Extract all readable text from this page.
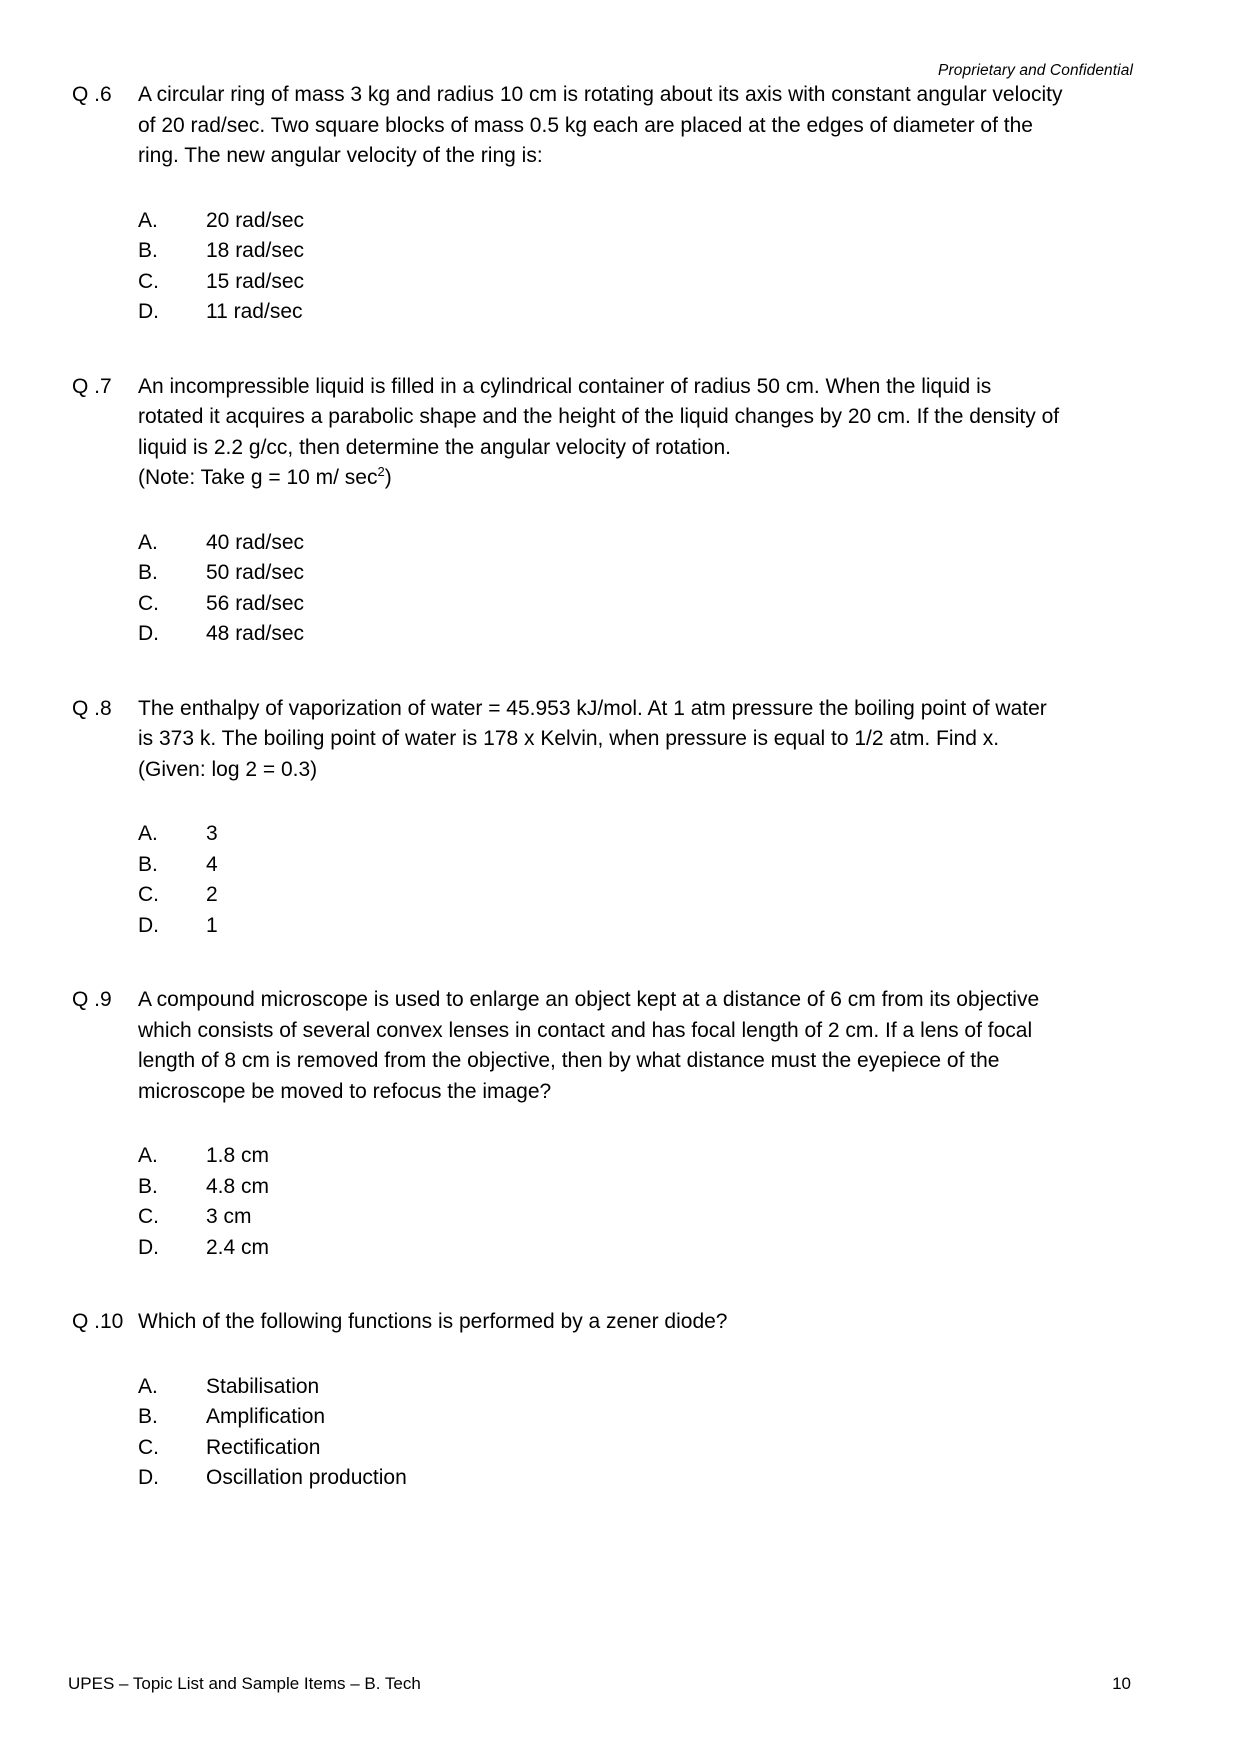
Proprietary and Confidential
Q .6	A circular ring of mass 3 kg and radius 10 cm is rotating about its axis with constant angular velocity
of 20 rad/sec. Two square blocks of mass 0.5 kg each are placed at the edges of diameter of the
ring. The new angular velocity of the ring is:
A.	20 rad/sec
B.	18 rad/sec
C.	15 rad/sec
D.	11 rad/sec
Q .7	An incompressible liquid is filled in a cylindrical container of radius 50 cm. When the liquid is
rotated it acquires a parabolic shape and the height of the liquid changes by 20 cm. If the density of
liquid is 2.2 g/cc, then determine the angular velocity of rotation.
(Note: Take g = 10 m/ $\sec^2$)
A.	40 rad/sec
B.	50 rad/sec
C.	56 rad/sec
D.	48 rad/sec
Q .8	The enthalpy of vaporization of water = 45.953 kJ/mol. At 1 atm pressure the boiling point of water
is 373 k. The boiling point of water is 178 x Kelvin, when pressure is equal to 1/2 atm. Find x.
(Given: log 2 = 0.3)
A.	3
B.	4
C.	2
D.	1
Q .9	A compound microscope is used to enlarge an object kept at a distance of 6 cm from its objective
which consists of several convex lenses in contact and has focal length of 2 cm. If a lens of focal
length of 8 cm is removed from the objective, then by what distance must the eyepiece of the
microscope be moved to refocus the image?
A.	1.8 cm
B.	4.8 cm
C.	3 cm
D.	2.4 cm
Q .10 Which of the following functions is performed by a zener diode?
A.	Stabilisation
B.	Amplification
C.	Rectification
D.	Oscillation production
UPES – Topic List and Sample Items – B. Tech	10
